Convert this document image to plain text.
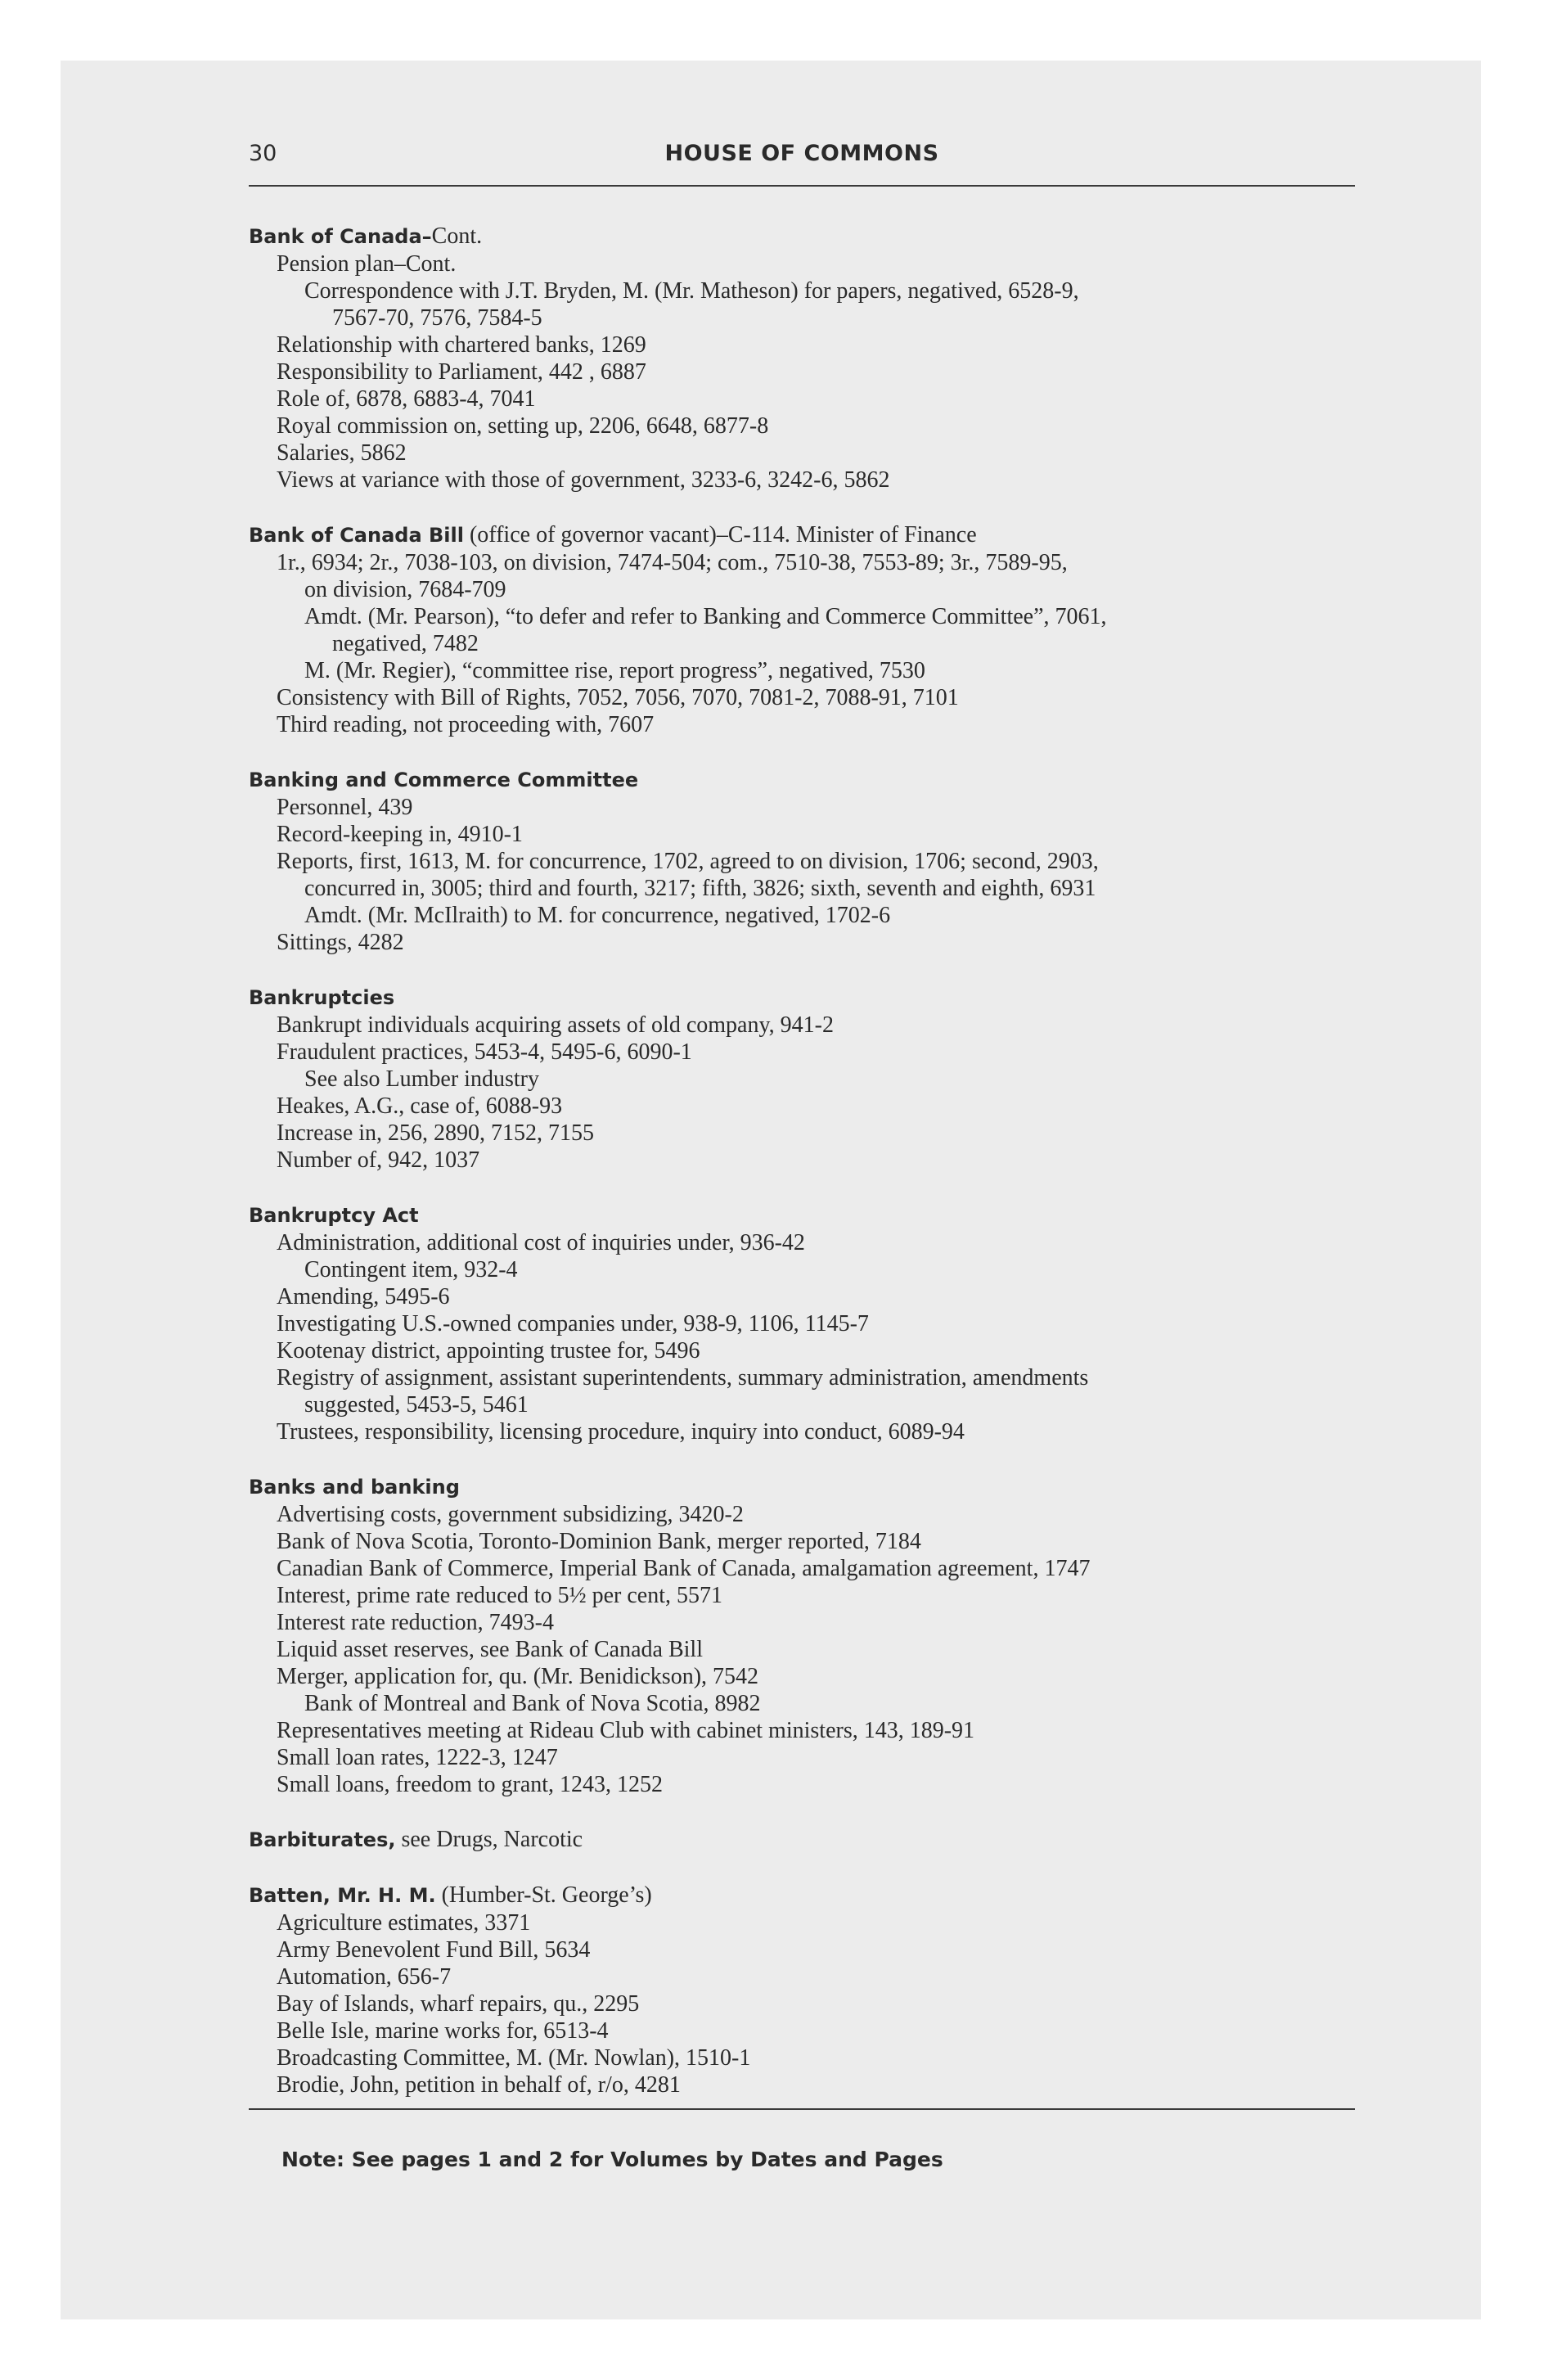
30	HOUSE OF COMMONS
Bank of Canada–Cont.
Pension plan–Cont.
Correspondence with J.T. Bryden, M. (Mr. Matheson) for papers, negatived, 6528-9,
7567-70, 7576, 7584-5
Relationship with chartered banks, 1269
Responsibility to Parliament, 442 , 6887
Role of, 6878, 6883-4, 7041
Royal commission on, setting up, 2206, 6648, 6877-8
Salaries, 5862
Views at variance with those of government, 3233-6, 3242-6, 5862
Bank of Canada Bill (office of governor vacant)–C-114. Minister of Finance
1r., 6934; 2r., 7038-103, on division, 7474-504; com., 7510-38, 7553-89; 3r., 7589-95,
on division, 7684-709
Amdt. (Mr. Pearson), “to defer and refer to Banking and Commerce Committee”, 7061,
negatived, 7482
M. (Mr. Regier), “committee rise, report progress”, negatived, 7530
Consistency with Bill of Rights, 7052, 7056, 7070, 7081-2, 7088-91, 7101
Third reading, not proceeding with, 7607
Banking and Commerce Committee
Personnel, 439
Record-keeping in, 4910-1
Reports, first, 1613, M. for concurrence, 1702, agreed to on division, 1706; second, 2903,
concurred in, 3005; third and fourth, 3217; fifth, 3826; sixth, seventh and eighth, 6931
Amdt. (Mr. McIlraith) to M. for concurrence, negatived, 1702-6
Sittings, 4282
Bankruptcies
Bankrupt individuals acquiring assets of old company, 941-2
Fraudulent practices, 5453-4, 5495-6, 6090-1
See also Lumber industry
Heakes, A.G., case of, 6088-93
Increase in, 256, 2890, 7152, 7155
Number of, 942, 1037
Bankruptcy Act
Administration, additional cost of inquiries under, 936-42
Contingent item, 932-4
Amending, 5495-6
Investigating U.S.-owned companies under, 938-9, 1106, 1145-7
Kootenay district, appointing trustee for, 5496
Registry of assignment, assistant superintendents, summary administration, amendments
suggested, 5453-5, 5461
Trustees, responsibility, licensing procedure, inquiry into conduct, 6089-94
Banks and banking
Advertising costs, government subsidizing, 3420-2
Bank of Nova Scotia, Toronto-Dominion Bank, merger reported, 7184
Canadian Bank of Commerce, Imperial Bank of Canada, amalgamation agreement, 1747
Interest, prime rate reduced to 5½ per cent, 5571
Interest rate reduction, 7493-4
Liquid asset reserves, see Bank of Canada Bill
Merger, application for, qu. (Mr. Benidickson), 7542
Bank of Montreal and Bank of Nova Scotia, 8982
Representatives meeting at Rideau Club with cabinet ministers, 143, 189-91
Small loan rates, 1222-3, 1247
Small loans, freedom to grant, 1243, 1252
Barbiturates, see Drugs, Narcotic
Batten, Mr. H. M. (Humber-St. George’s)
Agriculture estimates, 3371
Army Benevolent Fund Bill, 5634
Automation, 656-7
Bay of Islands, wharf repairs, qu., 2295
Belle Isle, marine works for, 6513-4
Broadcasting Committee, M. (Mr. Nowlan), 1510-1
Brodie, John, petition in behalf of, r/o, 4281
Note: See pages 1 and 2 for Volumes by Dates and Pages
